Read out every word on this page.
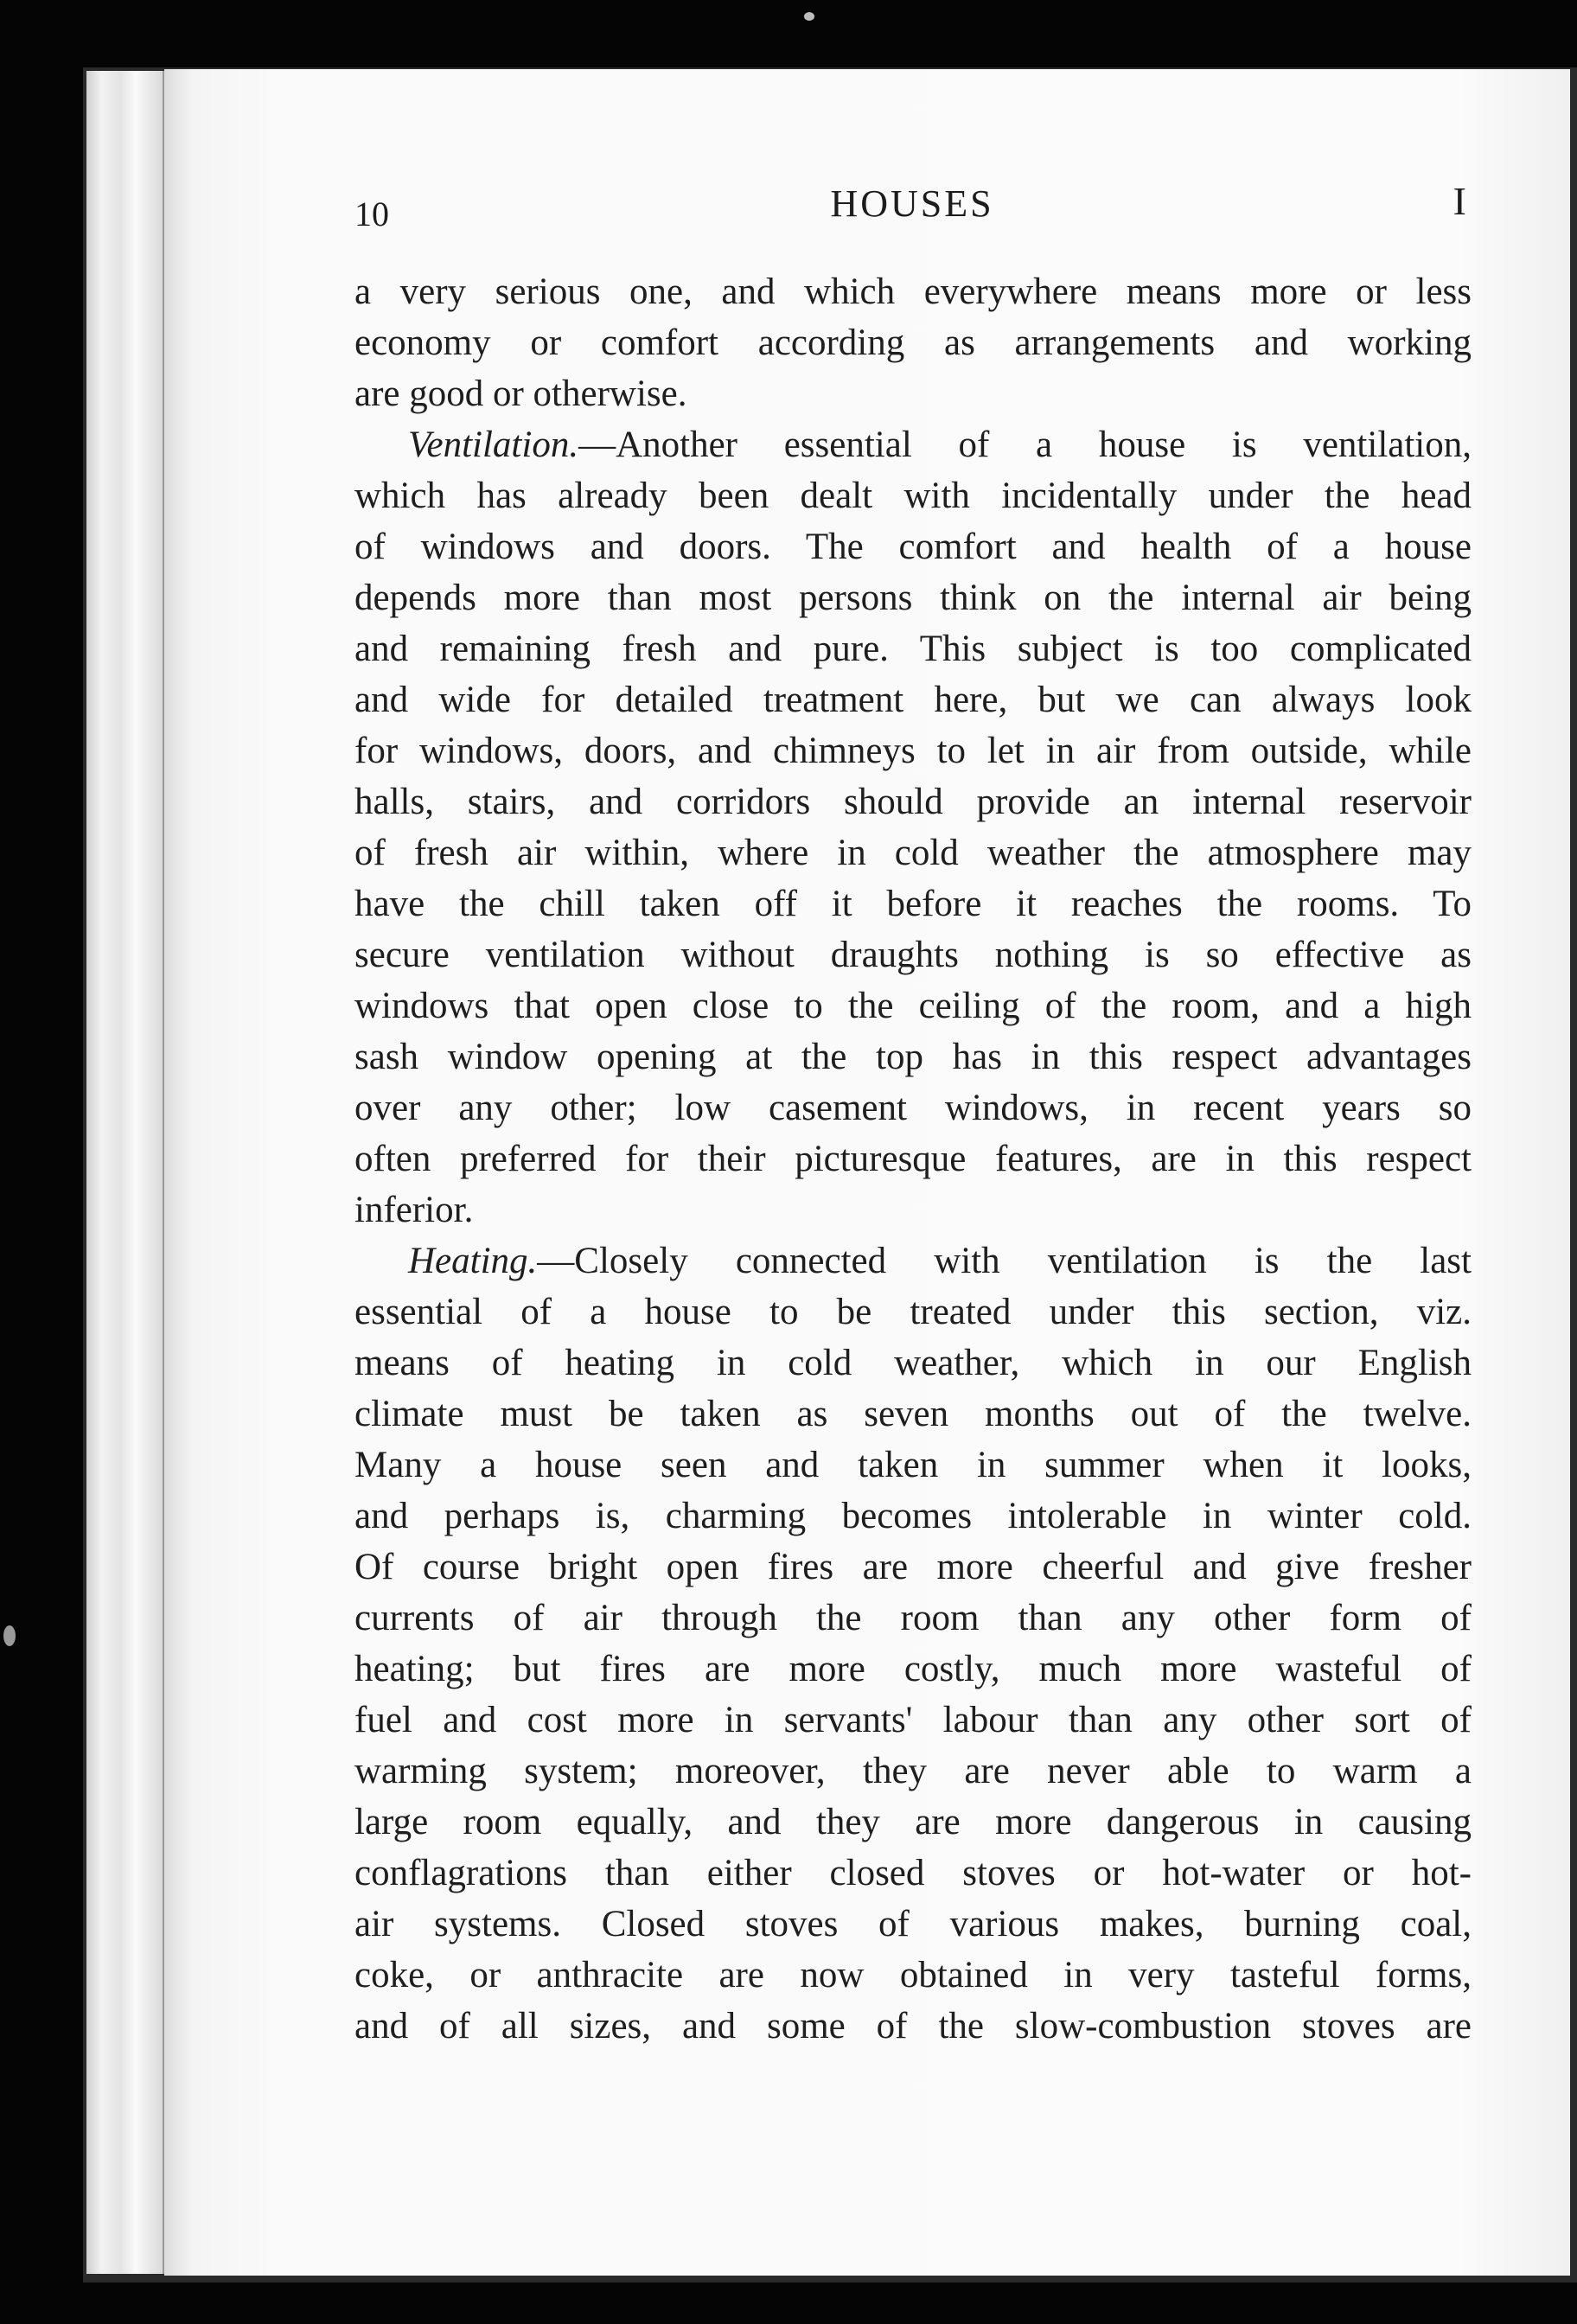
10	HOUSES	I
a very serious one, and which everywhere means more or less
economy or comfort according as arrangements and working
are good or otherwise.
Ventilation.—Another essential of a house is ventilation,
which has already been dealt with incidentally under the head
of windows and doors. The comfort and health of a house
depends more than most persons think on the internal air being
and remaining fresh and pure. This subject is too complicated
and wide for detailed treatment here, but we can always look
for windows, doors, and chimneys to let in air from outside, while
halls, stairs, and corridors should provide an internal reservoir
of fresh air within, where in cold weather the atmosphere may
have the chill taken off it before it reaches the rooms. To
secure ventilation without draughts nothing is so effective as
windows that open close to the ceiling of the room, and a high
sash window opening at the top has in this respect advantages
over any other; low casement windows, in recent years so
often preferred for their picturesque features, are in this respect
inferior.
Heating.—Closely connected with ventilation is the last
essential of a house to be treated under this section, viz.
means of heating in cold weather, which in our English
climate must be taken as seven months out of the twelve.
Many a house seen and taken in summer when it looks,
and perhaps is, charming becomes intolerable in winter cold.
Of course bright open fires are more cheerful and give fresher
currents of air through the room than any other form of
heating; but fires are more costly, much more wasteful of
fuel and cost more in servants' labour than any other sort of
warming system; moreover, they are never able to warm a
large room equally, and they are more dangerous in causing
conflagrations than either closed stoves or hot-water or hot-
air systems. Closed stoves of various makes, burning coal,
coke, or anthracite are now obtained in very tasteful forms,
and of all sizes, and some of the slow-combustion stoves are
